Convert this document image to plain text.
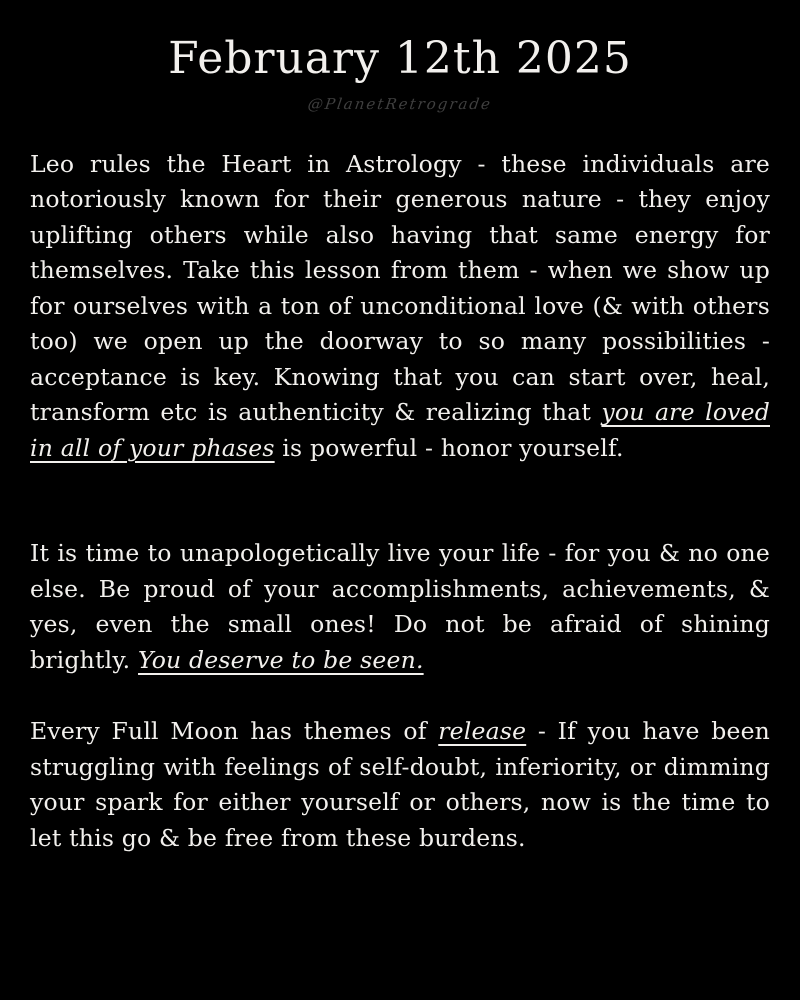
February 12th 2025
@PlanetRetrograde

Leo rules the Heart in Astrology - these individuals are notoriously known for their generous nature - they enjoy uplifting others while also having that same energy for themselves. Take this lesson from them - when we show up for ourselves with a ton of unconditional love (& with others too) we open up the doorway to so many possibilities - acceptance is key. Knowing that you can start over, heal, transform etc is authenticity & realizing that you are loved in all of your phases is powerful - honor yourself.

It is time to unapologetically live your life - for you & no one else. Be proud of your accomplishments, achievements, & yes, even the small ones! Do not be afraid of shining brightly. You deserve to be seen.

Every Full Moon has themes of release - If you have been struggling with feelings of self-doubt, inferiority, or dimming your spark for either yourself or others, now is the time to let this go & be free from these burdens.
